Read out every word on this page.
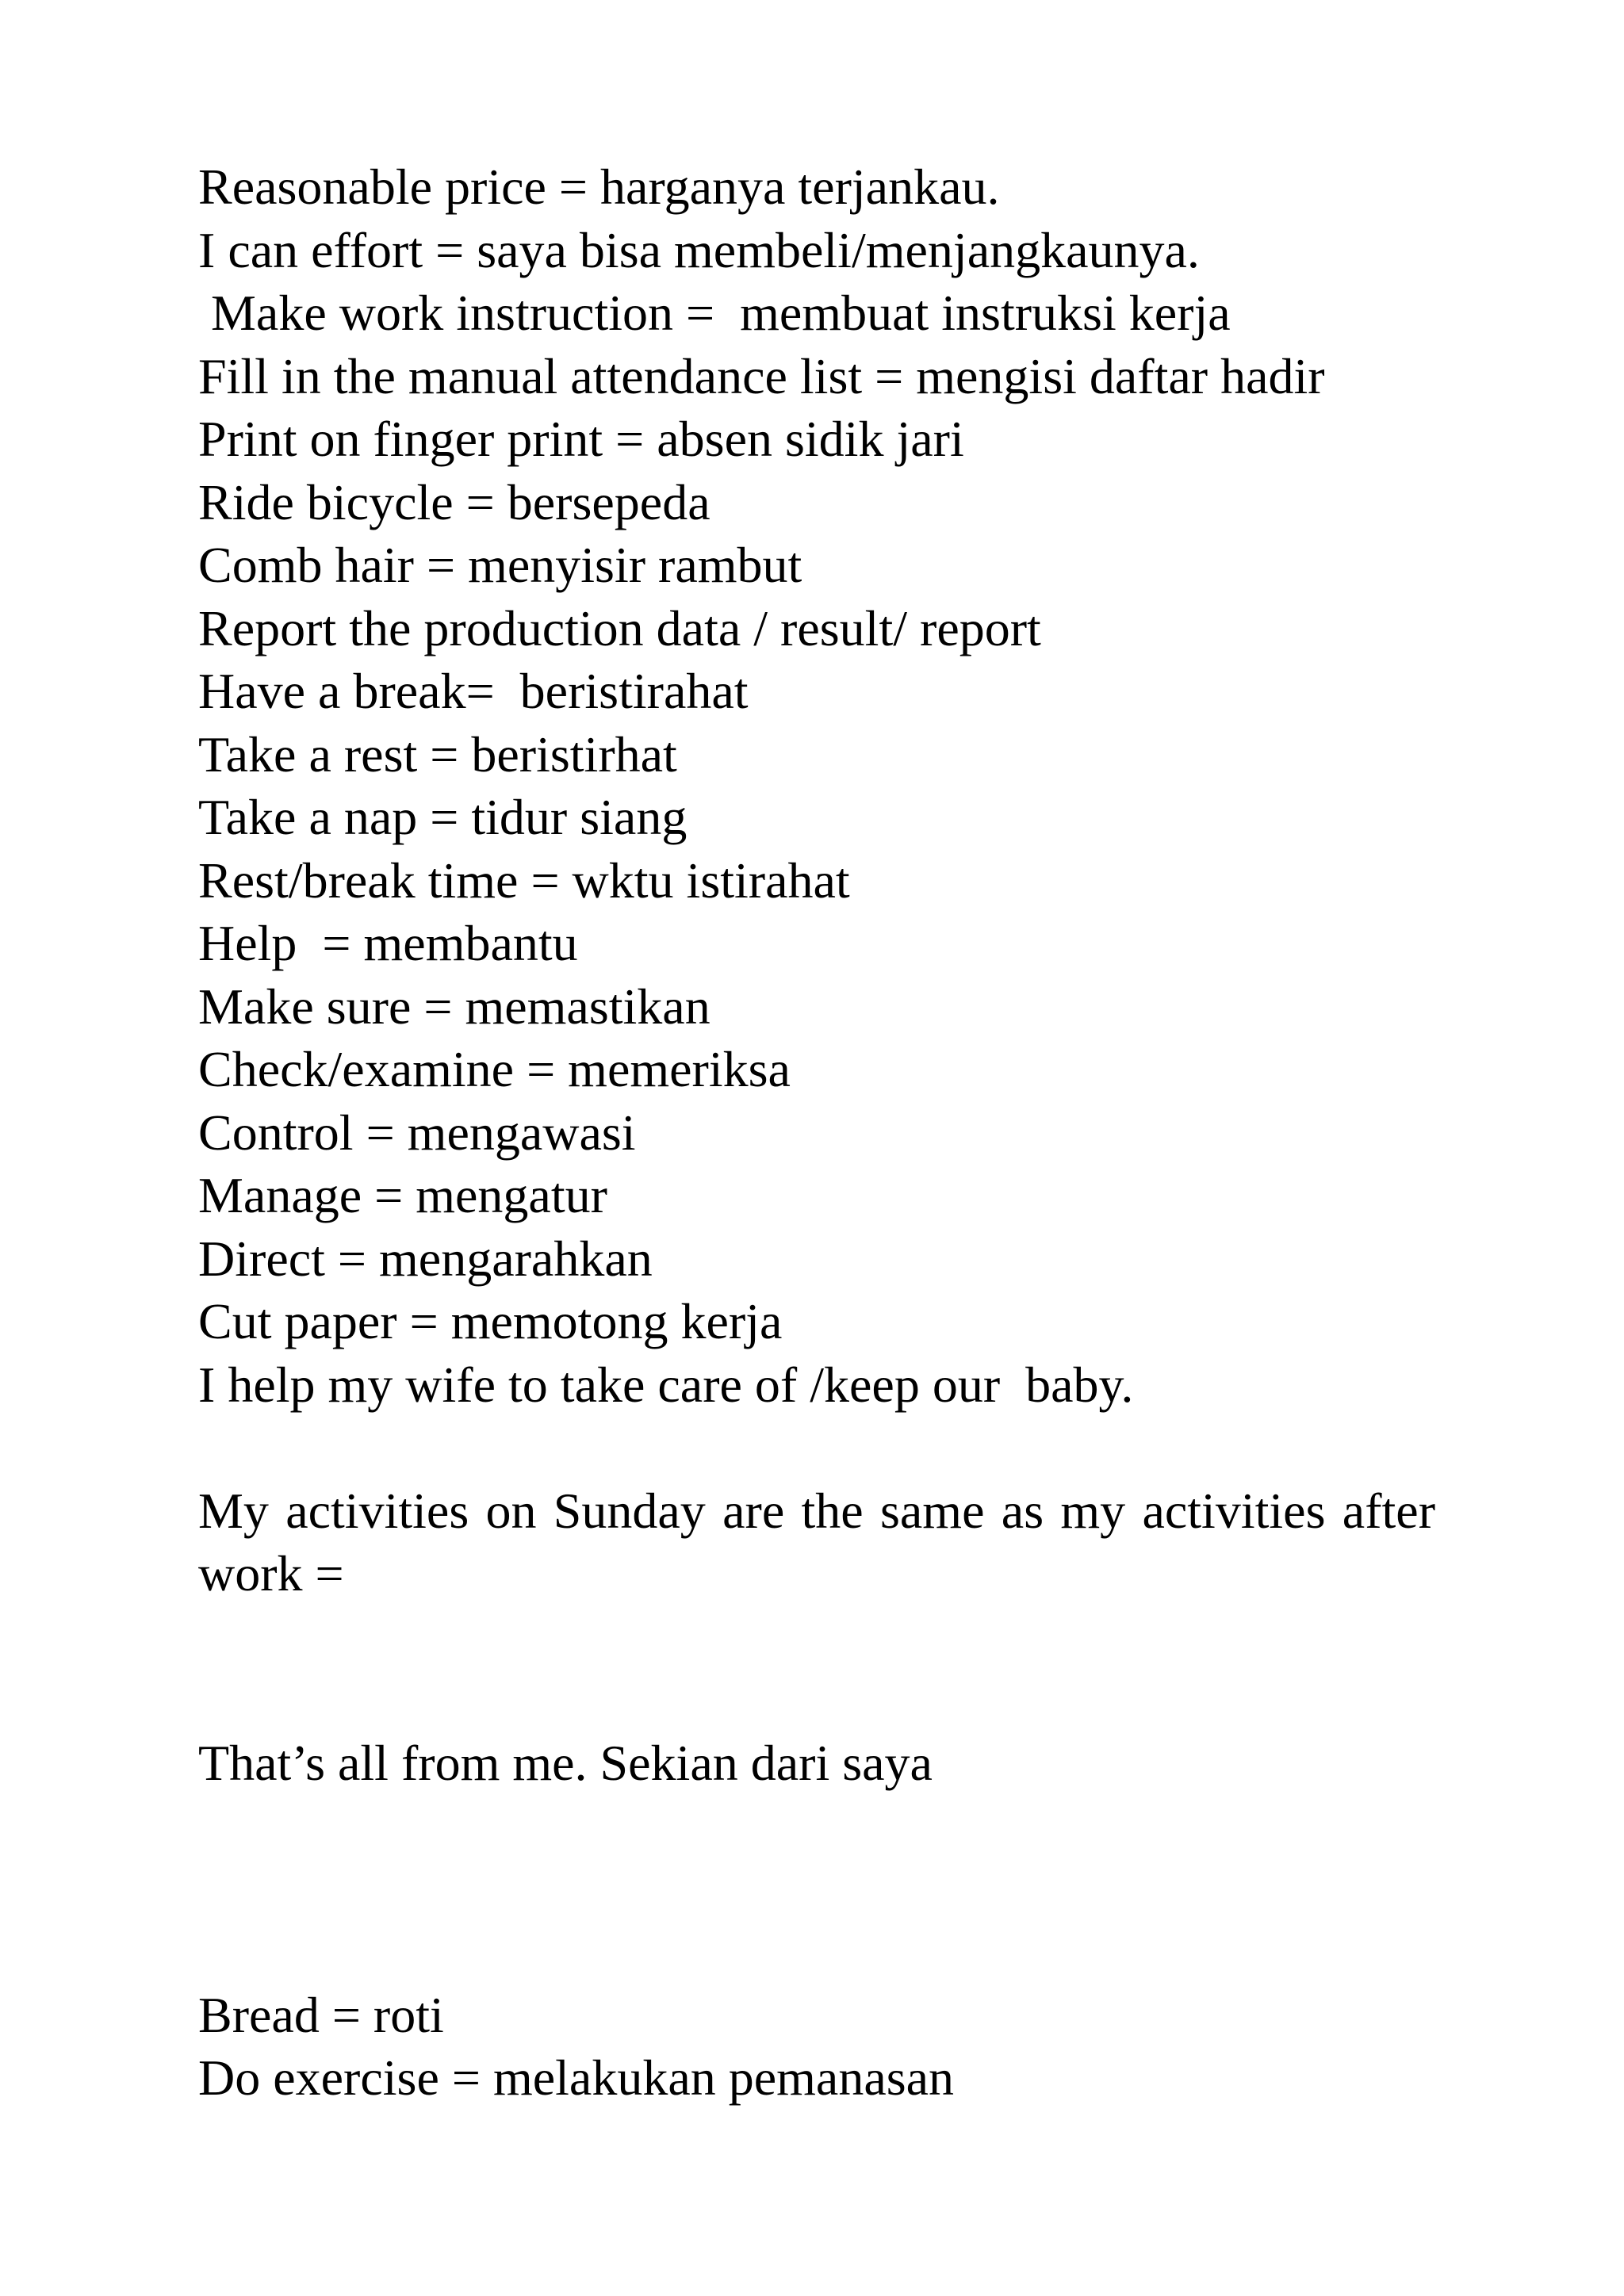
Reasonable price = harganya terjankau.
I can effort = saya bisa membeli/menjangkaunya.
Make work instruction =  membuat instruksi kerja
Fill in the manual attendance list = mengisi daftar hadir
Print on finger print = absen sidik jari
Ride bicycle = bersepeda
Comb hair = menyisir rambut
Report the production data / result/ report
Have a break=  beristirahat
Take a rest = beristirhat
Take a nap = tidur siang
Rest/break time = wktu istirahat
Help  = membantu
Make sure = memastikan
Check/examine = memeriksa
Control = mengawasi
Manage = mengatur
Direct = mengarahkan
Cut paper = memotong kerja
I help my wife to take care of /keep our  baby.

My activities on Sunday are the same as my activities after work =

That’s all from me. Sekian dari saya
Bread = roti
Do exercise = melakukan pemanasan
